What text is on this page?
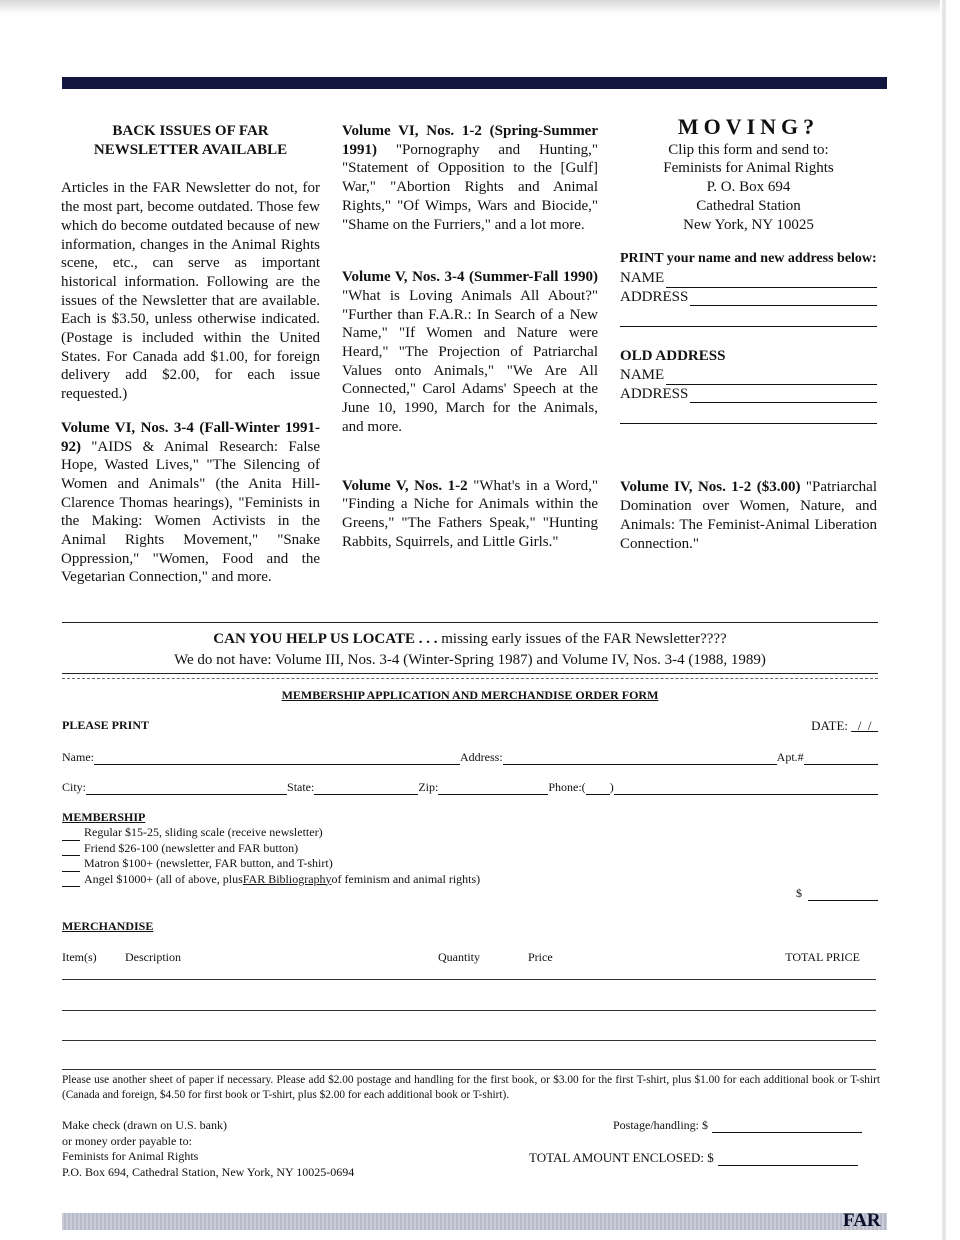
BACK ISSUES OF FAR
NEWSLETTER AVAILABLE

Articles in the FAR Newsletter do not, for the most part, become outdated. Those few which do become outdated because of new information, changes in the Animal Rights scene, etc., can serve as important historical information. Following are the issues of the Newsletter that are available. Each is $3.50, unless otherwise indicated. (Postage is included within the United States. For Canada add $1.00, for foreign delivery add $2.00, for each issue requested.)

Volume VI, Nos. 3-4 (Fall-Winter 1991-92) "AIDS & Animal Research: False Hope, Wasted Lives," "The Silencing of Women and Animals" (the Anita Hill-Clarence Thomas hearings), "Feminists in the Making: Women Activists in the Animal Rights Movement," "Snake Oppression," "Women, Food and the Vegetarian Connection," and more.

Volume VI, Nos. 1-2 (Spring-Summer 1991) "Pornography and Hunting," "Statement of Opposition to the [Gulf] War," "Abortion Rights and Animal Rights," "Of Wimps, Wars and Biocide," "Shame on the Furriers," and a lot more.

Volume V, Nos. 3-4 (Summer-Fall 1990) "What is Loving Animals All About?" "Further than F.A.R.: In Search of a New Name," "If Women and Nature were Heard," "The Projection of Patriarchal Values onto Animals," "We Are All Connected," Carol Adams' Speech at the June 10, 1990, March for the Animals, and more.

Volume V, Nos. 1-2 "What's in a Word," "Finding a Niche for Animals within the Greens," "The Fathers Speak," "Hunting Rabbits, Squirrels, and Little Girls."

MOVING?
Clip this form and send to:
Feminists for Animal Rights
P. O. Box 694
Cathedral Station
New York, NY 10025
PRINT your name and new address below:
NAME
ADDRESS
OLD ADDRESS
NAME
ADDRESS

Volume IV, Nos. 1-2 ($3.00) "Patriarchal Domination over Women, Nature, and Animals: The Feminist-Animal Liberation Connection."

CAN YOU HELP US LOCATE . . . missing early issues of the FAR Newsletter????
We do not have: Volume III, Nos. 3-4 (Winter-Spring 1987) and Volume IV, Nos. 3-4 (1988, 1989)
MEMBERSHIP APPLICATION AND MERCHANDISE ORDER FORM
PLEASE PRINT	DATE: _/_/_
Name:	Address:	Apt.#
City:	State:	Zip:	Phone:( )
MEMBERSHIP
Regular $15-25, sliding scale (receive newsletter)
Friend $26-100 (newsletter and FAR button)
Matron $100+ (newsletter, FAR button, and T-shirt)
Angel $1000+ (all of above, plus FAR Bibliography of feminism and animal rights)
$
MERCHANDISE
Item(s) Description	Quantity	Price	TOTAL PRICE
Please use another sheet of paper if necessary. Please add $2.00 postage and handling for the first book, or $3.00 for the first T-shirt, plus $1.00 for each additional book or T-shirt (Canada and foreign, $4.50 for first book or T-shirt, plus $2.00 for each additional book or T-shirt).
Make check (drawn on U.S. bank)
or money order payable to:
Feminists for Animal Rights
P.O. Box 694, Cathedral Station, New York, NY 10025-0694
Postage/handling: $
TOTAL AMOUNT ENCLOSED: $
FAR
